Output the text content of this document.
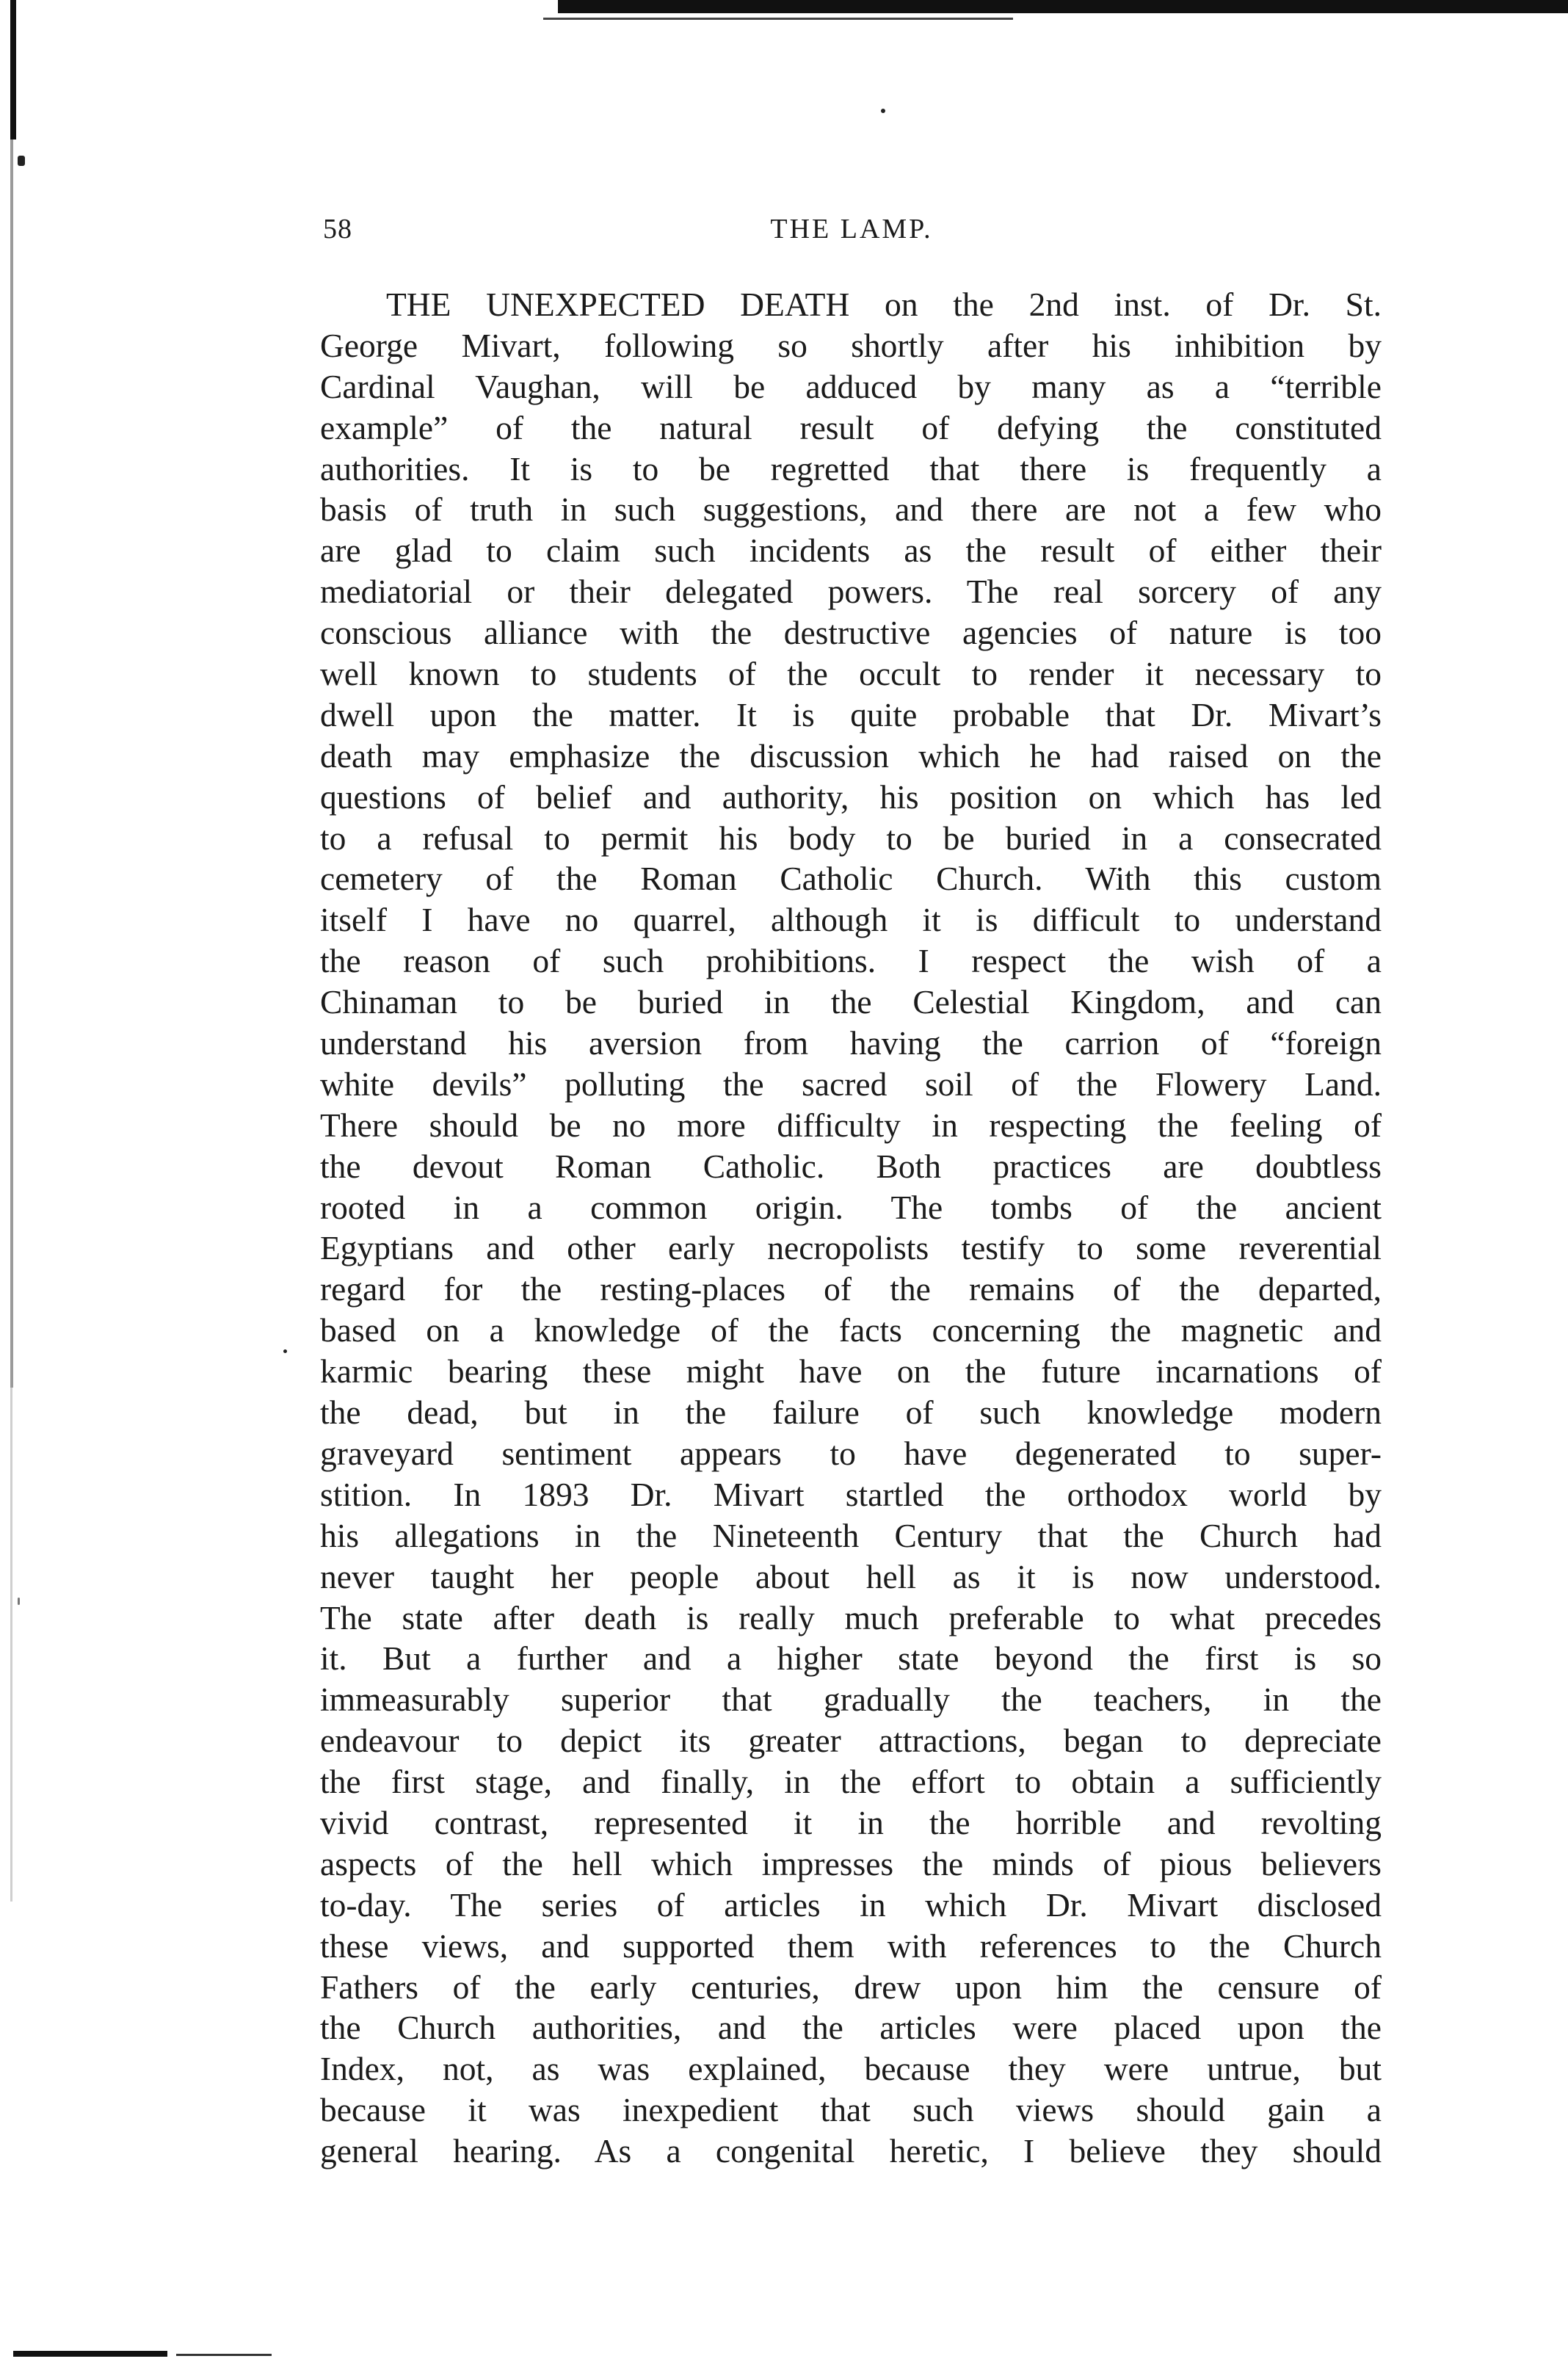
58	THE LAMP.
THE UNEXPECTED DEATH on the 2nd inst. of Dr. St.
George Mivart, following so shortly after his inhibition by
Cardinal Vaughan, will be adduced by many as a “terrible
example” of the natural result of defying the constituted
authorities. It is to be regretted that there is frequently a
basis of truth in such suggestions, and there are not a few who
are glad to claim such incidents as the result of either their
mediatorial or their delegated powers. The real sorcery of any
conscious alliance with the destructive agencies of nature is too
well known to students of the occult to render it necessary to
dwell upon the matter. It is quite probable that Dr. Mivart’s
death may emphasize the discussion which he had raised on the
questions of belief and authority, his position on which has led
to a refusal to permit his body to be buried in a consecrated
cemetery of the Roman Catholic Church. With this custom
itself I have no quarrel, although it is difficult to understand
the reason of such prohibitions. I respect the wish of a
Chinaman to be buried in the Celestial Kingdom, and can
understand his aversion from having the carrion of “foreign
white devils” polluting the sacred soil of the Flowery Land.
There should be no more difficulty in respecting the feeling of
the devout Roman Catholic. Both practices are doubtless
rooted in a common origin. The tombs of the ancient
Egyptians and other early necropolists testify to some reverential
regard for the resting-places of the remains of the departed,
based on a knowledge of the facts concerning the magnetic and
karmic bearing these might have on the future incarnations of
the dead, but in the failure of such knowledge modern
graveyard sentiment appears to have degenerated to super-
stition. In 1893 Dr. Mivart startled the orthodox world by
his allegations in the Nineteenth Century that the Church had
never taught her people about hell as it is now understood.
The state after death is really much preferable to what precedes
it. But a further and a higher state beyond the first is so
immeasurably superior that gradually the teachers, in the
endeavour to depict its greater attractions, began to depreciate
the first stage, and finally, in the effort to obtain a sufficiently
vivid contrast, represented it in the horrible and revolting
aspects of the hell which impresses the minds of pious believers
to-day. The series of articles in which Dr. Mivart disclosed
these views, and supported them with references to the Church
Fathers of the early centuries, drew upon him the censure of
the Church authorities, and the articles were placed upon the
Index, not, as was explained, because they were untrue, but
because it was inexpedient that such views should gain a
general hearing. As a congenital heretic, I believe they should
